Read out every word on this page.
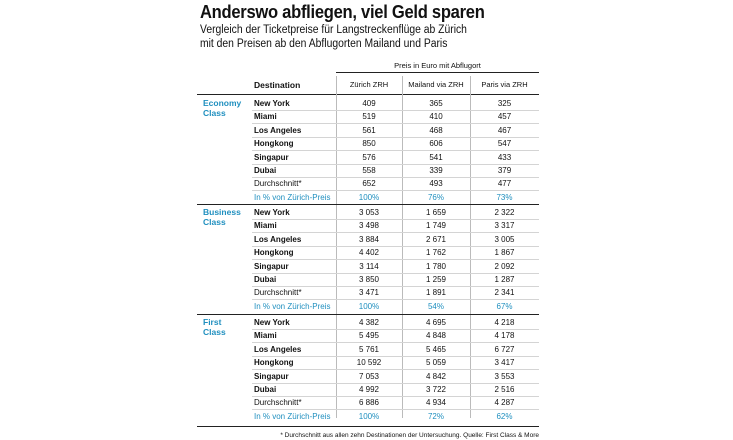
Anderswo abfliegen, viel Geld sparen
Vergleich der Ticketpreise für Langstreckenflüge ab Zürich
mit den Preisen ab den Abflugorten Mailand und Paris
Preis in Euro mit Abflugort
Destination	Zürich ZRH	Mailand via ZRH	Paris via ZRH
Economy
Class
New York	409	365	325
Miami	519	410	457
Los Angeles	561	468	467
Hongkong	850	606	547
Singapur	576	541	433
Dubai	558	339	379
Durchschnitt*	652	493	477
In % von Zürich-Preis	100%	76%	73%
Business
Class
New York	3 053	1 659	2 322
Miami	3 498	1 749	3 317
Los Angeles	3 884	2 671	3 005
Hongkong	4 402	1 762	1 867
Singapur	3 114	1 780	2 092
Dubai	3 850	1 259	1 287
Durchschnitt*	3 471	1 891	2 341
In % von Zürich-Preis	100%	54%	67%
First
Class
New York	4 382	4 695	4 218
Miami	5 495	4 848	4 178
Los Angeles	5 761	5 465	6 727
Hongkong	10 592	5 059	3 417
Singapur	7 053	4 842	3 553
Dubai	4 992	3 722	2 516
Durchschnitt*	6 886	4 934	4 287
In % von Zürich-Preis	100%	72%	62%
* Durchschnitt aus allen zehn Destinationen der Untersuchung. Quelle: First Class & More
